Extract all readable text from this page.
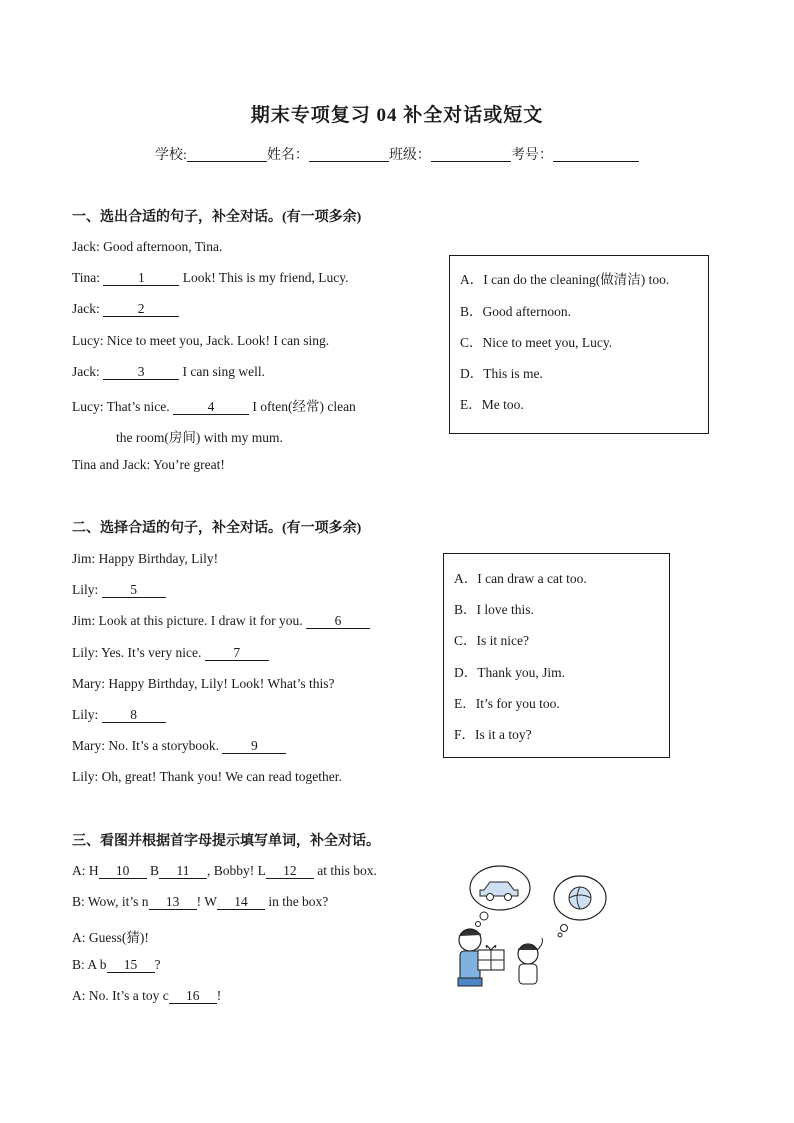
期末专项复习 04 补全对话或短文
学校:	姓名：	班级：	考号：
一、选出合适的句子，补全对话。(有一项多余)
Jack: Good afternoon, Tina.
Tina:	1	Look! This is my friend, Lucy.
Jack:	2
Lucy: Nice to meet you, Jack. Look! I can sing.
Jack:	3	I can sing well.
Lucy: That’s nice.	4	I often(经常) clean
the room(房间) with my mum.
Tina and Jack: You’re great!
A．I can do the cleaning(做清洁) too.
B．Good afternoon.
C．Nice to meet you, Lucy.
D．This is me.
E．Me too.
二、选择合适的句子，补全对话。(有一项多余)
Jim: Happy Birthday, Lily!
Lily: 5
Jim: Look at this picture. I draw it for you. 6
Lily: Yes. It’s very nice. 7
Mary: Happy Birthday, Lily! Look! What’s this?
Lily: 8
Mary: No. It’s a storybook. 9
Lily: Oh, great! Thank you! We can read together.
A．I can draw a cat too.
B．I love this.
C．Is it nice?
D．Thank you, Jim.
E．It’s for you too.
F．Is it a toy?
三、看图并根据首字母提示填写单词，补全对话。
A: H 10 B 11 , Bobby! L 12 at this box.
B: Wow, it’s n 13 ! W 14 in the box?
A: Guess(猜)!
B: A b 15 ?
A: No. It’s a toy c 16 !
